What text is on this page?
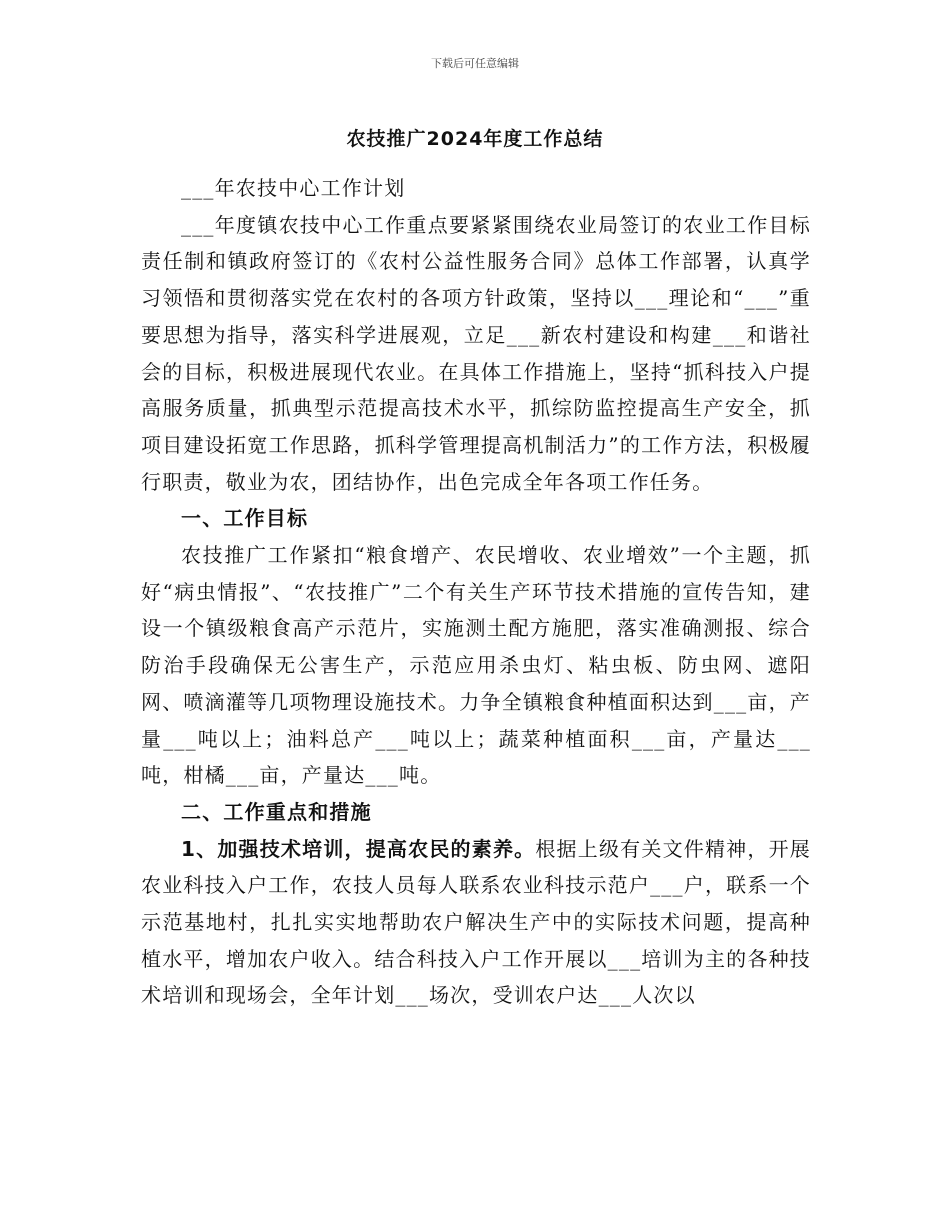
下载后可任意编辑
农技推广2024年度工作总结

___年农技中心工作计划

___年度镇农技中心工作重点要紧紧围绕农业局签订的农业工作目标责任制和镇政府签订的《农村公益性服务合同》总体工作部署，认真学习领悟和贯彻落实党在农村的各项方针政策，坚持以___理论和“___”重要思想为指导，落实科学进展观，立足___新农村建设和构建___和谐社会的目标，积极进展现代农业。在具体工作措施上，坚持“抓科技入户提高服务质量，抓典型示范提高技术水平，抓综防监控提高生产安全，抓项目建设拓宽工作思路，抓科学管理提高机制活力”的工作方法，积极履行职责，敬业为农，团结协作，出色完成全年各项工作任务。

一、工作目标

农技推广工作紧扣“粮食增产、农民增收、农业增效”一个主题，抓好“病虫情报”、“农技推广”二个有关生产环节技术措施的宣传告知，建设一个镇级粮食高产示范片，实施测土配方施肥，落实准确测报、综合防治手段确保无公害生产，示范应用杀虫灯、粘虫板、防虫网、遮阳网、喷滴灌等几项物理设施技术。力争全镇粮食种植面积达到___亩，产量___吨以上；油料总产___吨以上；蔬菜种植面积___亩，产量达___吨，柑橘___亩，产量达___吨。

二、工作重点和措施

1、加强技术培训，提高农民的素养。根据上级有关文件精神，开展农业科技入户工作，农技人员每人联系农业科技示范户___户，联系一个示范基地村，扎扎实实地帮助农户解决生产中的实际技术问题，提高种植水平，增加农户收入。结合科技入户工作开展以___培训为主的各种技术培训和现场会，全年计划___场次，受训农户达___人次以
